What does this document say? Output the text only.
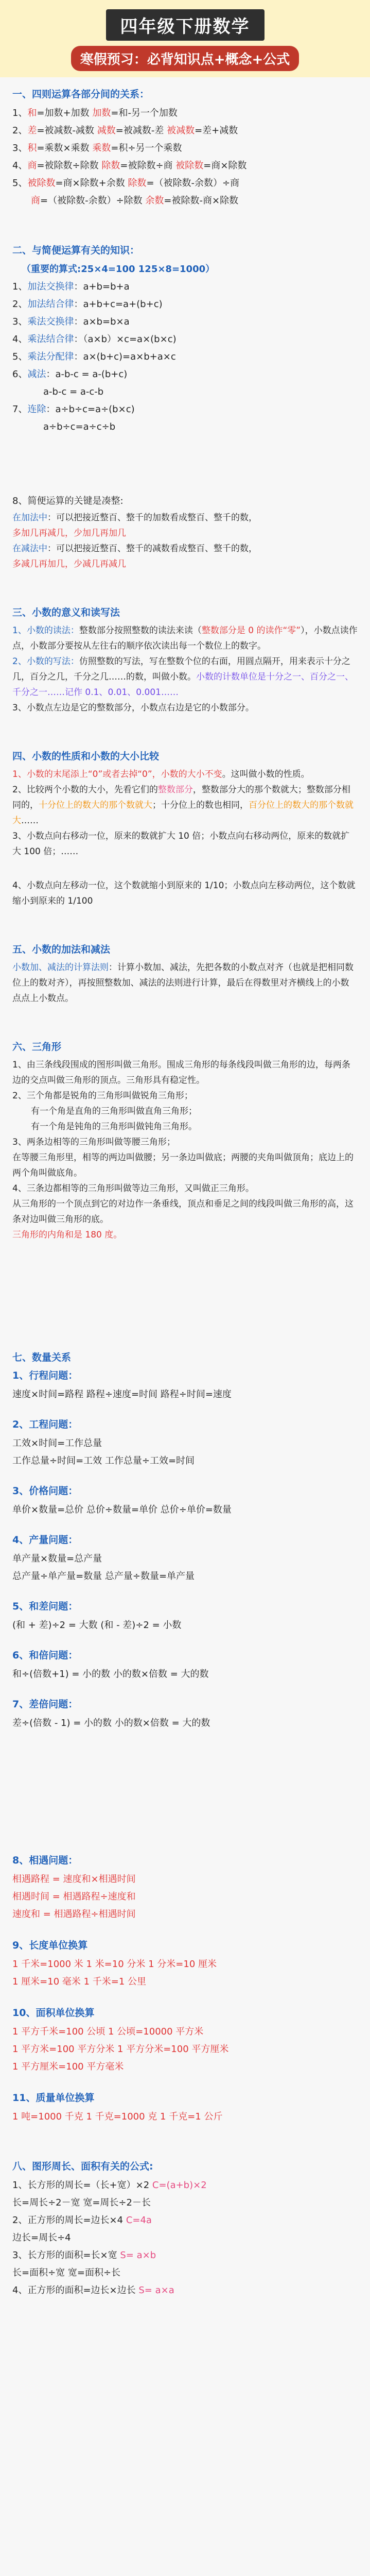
四年级下册数学
寒假预习：必背知识点+概念+公式
一、四则运算各部分间的关系：
1、和=加数+加数 加数=和-另一个加数
2、差=被减数-减数 减数=被减数-差 被减数=差+减数
3、积=乘数×乘数 乘数=积÷另一个乘数
4、商=被除数÷除数 除数=被除数÷商 被除数=商×除数
5、被除数=商×除数+余数 除数=（被除数-余数）÷商
商=（被除数-余数）÷除数 余数=被除数-商×除数
二、与简便运算有关的知识：
（重要的算式:25×4=100 125×8=1000）
1、加法交换律：a+b=b+a
2、加法结合律：a+b+c=a+(b+c)
3、乘法交换律：a×b=b×a
4、乘法结合律：（a×b）×c=a×(b×c)
5、乘法分配律：a×(b+c)=a×b+a×c
6、减法：a-b-c = a-(b+c)
a-b-c = a-c-b
7、连除：a÷b÷c=a÷(b×c)
a÷b÷c=a÷c÷b
8、简便运算的关键是凑整:
在加法中：可以把接近整百、整千的加数看成整百、整千的数，
多加几再减几，少加几再加几
在减法中：可以把接近整百、整千的减数看成整百、整千的数，
多减几再加几，少减几再减几
三、小数的意义和读写法
1、小数的读法：整数部分按照整数的读法来读（整数部分是 0 的读作“零”），小数点读作点，小数部分要按从左往右的顺序依次读出每一个数位上的数字。
2、小数的写法：仿照整数的写法，写在整数个位的右面，用圆点隔开，用来表示十分之几，百分之几，千分之几……的数，叫做小数。小数的计数单位是十分之一、百分之一、千分之一……记作 0.1、0.01、0.001……
3、小数点左边是它的整数部分，小数点右边是它的小数部分。
四、小数的性质和小数的大小比较
1、小数的末尾添上“0”或者去掉“0”，小数的大小不变。这叫做小数的性质。
2、比较两个小数的大小，先看它们的整数部分，整数部分大的那个数就大；整数部分相同的，十分位上的数大的那个数就大；十分位上的数也相同，百分位上的数大的那个数就大……
3、小数点向右移动一位，原来的数就扩大 10 倍；小数点向右移动两位，原来的数就扩大 100 倍；……
4、小数点向左移动一位，这个数就缩小到原来的 1/10；小数点向左移动两位，这个数就缩小到原来的 1/100
五、小数的加法和减法
小数加、减法的计算法则：计算小数加、减法，先把各数的小数点对齐（也就是把相同数位上的数对齐），再按照整数加、减法的法则进行计算，最后在得数里对齐横线上的小数点点上小数点。
六、三角形
1、由三条线段围成的图形叫做三角形。围成三角形的每条线段叫做三角形的边，每两条边的交点叫做三角形的顶点。三角形具有稳定性。
2、三个角都是锐角的三角形叫做锐角三角形；
有一个角是直角的三角形叫做直角三角形；
有一个角是钝角的三角形叫做钝角三角形。
3、两条边相等的三角形叫做等腰三角形；
在等腰三角形里，相等的两边叫做腰；另一条边叫做底；两腰的夹角叫做顶角；底边上的两个角叫做底角。
4、三条边都相等的三角形叫做等边三角形，又叫做正三角形。
从三角形的一个顶点到它的对边作一条垂线，顶点和垂足之间的线段叫做三角形的高，这条对边叫做三角形的底。
三角形的内角和是 180 度。
七、数量关系
1、行程问题：
速度×时间=路程 路程÷速度=时间 路程÷时间=速度
2、工程问题：
工效×时间=工作总量
工作总量÷时间=工效 工作总量÷工效=时间
3、价格问题：
单价×数量=总价 总价÷数量=单价 总价÷单价=数量
4、产量问题：
单产量×数量=总产量
总产量÷单产量=数量 总产量÷数量=单产量
5、和差问题：
(和 + 差)÷2 = 大数 (和 - 差)÷2 = 小数
6、和倍问题：
和÷(倍数+1) = 小的数 小的数×倍数 = 大的数
7、差倍问题：
差÷(倍数 - 1) = 小的数 小的数×倍数 = 大的数
8、相遇问题：
相遇路程 = 速度和×相遇时间
相遇时间 = 相遇路程÷速度和
速度和 = 相遇路程÷相遇时间
9、长度单位换算
1 千米=1000 米 1 米=10 分米 1 分米=10 厘米
1 厘米=10 毫米 1 千米=1 公里
10、面积单位换算
1 平方千米=100 公顷 1 公顷=10000 平方米
1 平方米=100 平方分米 1 平方分米=100 平方厘米
1 平方厘米=100 平方毫米
11、质量单位换算
1 吨=1000 千克 1 千克=1000 克 1 千克=1 公斤
八、图形周长、面积有关的公式:
1、长方形的周长=（长+宽）×2 C=(a+b)×2
长=周长÷2－宽 宽=周长÷2－长
2、正方形的周长=边长×4 C=4a
边长=周长÷4
3、长方形的面积=长×宽 S= a×b
长=面积÷宽 宽=面积÷长
4、正方形的面积=边长×边长 S= a×a
